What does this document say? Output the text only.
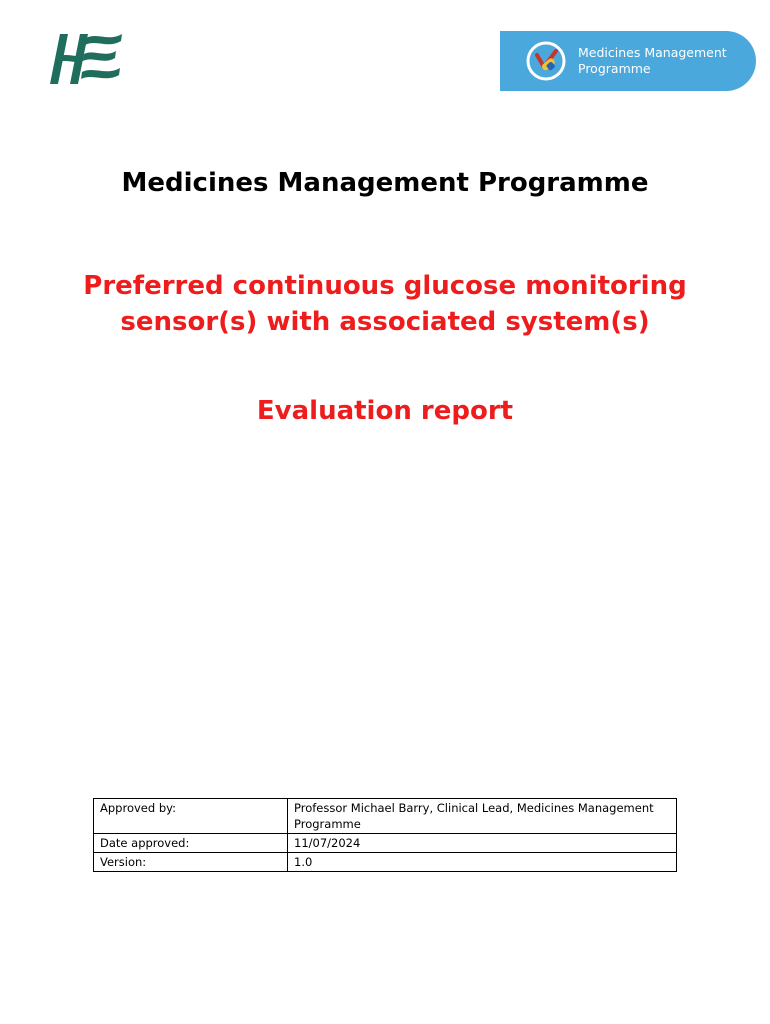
Medicines Management
Programme
Medicines Management Programme
Preferred continuous glucose monitoring
sensor(s) with associated system(s)
Evaluation report
Approved by:	Professor Michael Barry, Clinical Lead, Medicines Management Programme
Date approved:	11/07/2024
Version:	1.0
